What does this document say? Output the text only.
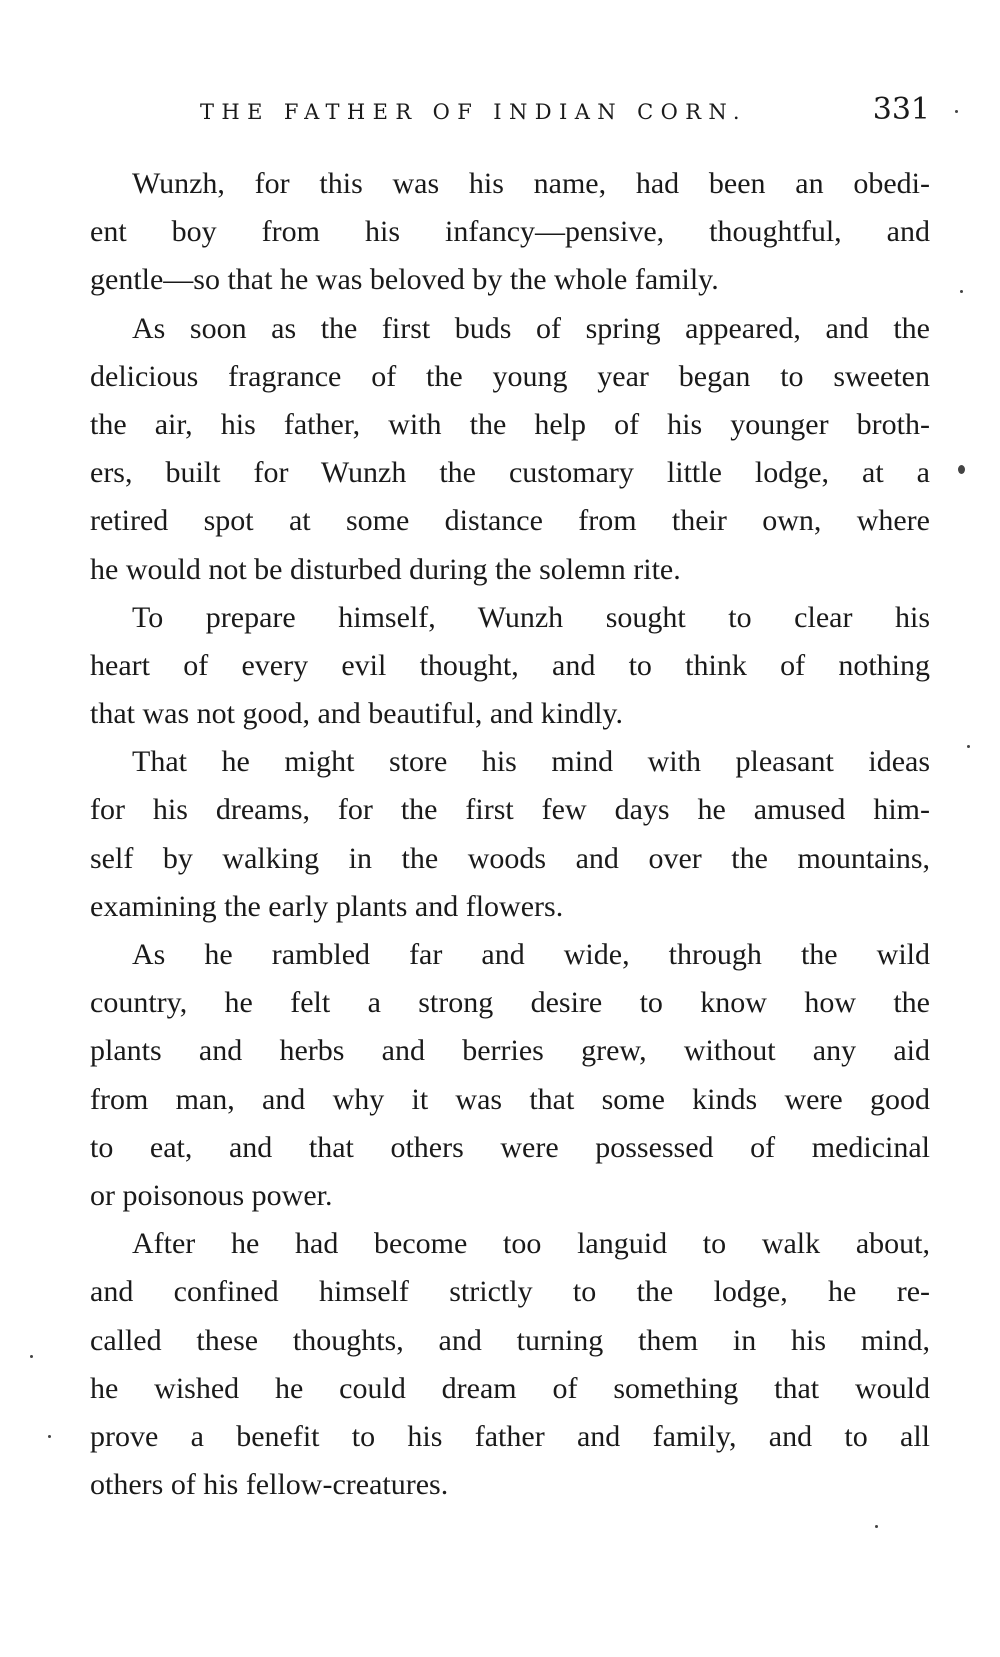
THE FATHER OF INDIAN CORN.	331
Wunzh, for this was his name, had been an obedi-
ent boy from his infancy—pensive, thoughtful, and
gentle—so that he was beloved by the whole family.
As soon as the first buds of spring appeared, and the
delicious fragrance of the young year began to sweeten
the air, his father, with the help of his younger broth-
ers, built for Wunzh the customary little lodge, at a
retired spot at some distance from their own, where
he would not be disturbed during the solemn rite.
To prepare himself, Wunzh sought to clear his
heart of every evil thought, and to think of nothing
that was not good, and beautiful, and kindly.
That he might store his mind with pleasant ideas
for his dreams, for the first few days he amused him-
self by walking in the woods and over the mountains,
examining the early plants and flowers.
As he rambled far and wide, through the wild
country, he felt a strong desire to know how the
plants and herbs and berries grew, without any aid
from man, and why it was that some kinds were good
to eat, and that others were possessed of medicinal
or poisonous power.
After he had become too languid to walk about,
and confined himself strictly to the lodge, he re-
called these thoughts, and turning them in his mind,
he wished he could dream of something that would
prove a benefit to his father and family, and to all
others of his fellow-creatures.
